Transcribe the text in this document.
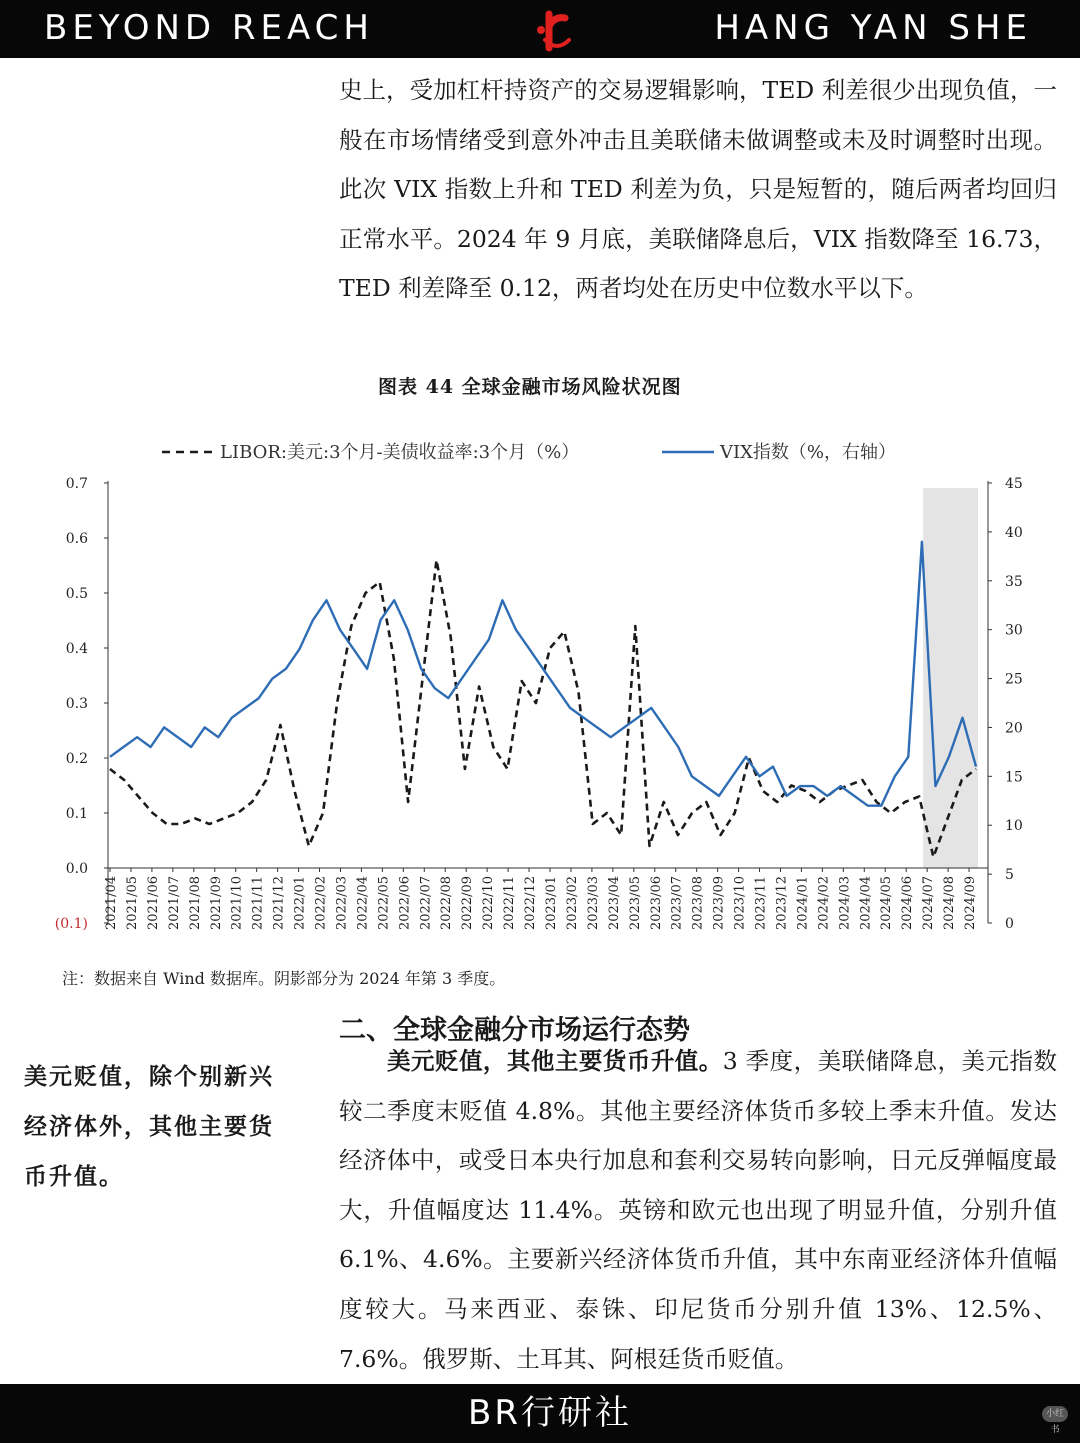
BEYOND REACH	HANG YAN SHE

史上，受加杠杆持资产的交易逻辑影响，TED 利差很少出现负值，一般在市场情绪受到意外冲击且美联储未做调整或未及时调整时出现。此次 VIX 指数上升和 TED 利差为负，只是短暂的，随后两者均回归正常水平。2024 年 9 月底，美联储降息后，VIX 指数降至 16.73，TED 利差降至 0.12，两者均处在历史中位数水平以下。

图表 44 全球金融市场风险状况图
0.7
0.6
0.5
0.4
0.3
0.2
0.1
0.0
(0.1)
45
40
35
30
25
20
15
10
5
0
2021/04 2021/05 2021/06 2021/07 2021/08 2021/09 2021/10 2021/11 2021/12 2022/01 2022/02 2022/03 2022/04 2022/05 2022/06 2022/07 2022/08 2022/09 2022/10 2022/11 2022/12 2023/01 2023/02 2023/03 2023/04 2023/05 2023/06 2023/07 2023/08 2023/09 2023/10 2023/11 2023/12 2024/01 2024/02 2024/03 2024/04 2024/05 2024/06 2024/07 2024/08 2024/09
LIBOR:美元:3个月-美债收益率:3个月（%）	VIX指数（%，右轴）
注：数据来自 Wind 数据库。阴影部分为 2024 年第 3 季度。
二、全球金融分市场运行态势
美元贬值，除个别新兴经济体外，其他主要货币升值。

美元贬值，其他主要货币升值。3 季度，美联储降息，美元指数较二季度末贬值 4.8%。其他主要经济体货币多较上季末升值。发达经济体中，或受日本央行加息和套利交易转向影响，日元反弹幅度最大，升值幅度达 11.4%。英镑和欧元也出现了明显升值，分别升值 6.1%、4.6%。主要新兴经济体货币升值，其中东南亚经济体升值幅度较大。马来西亚、泰铢、印尼货币分别升值 13%、12.5%、7.6%。俄罗斯、土耳其、阿根廷货币贬值。

BR行研社	小红书
